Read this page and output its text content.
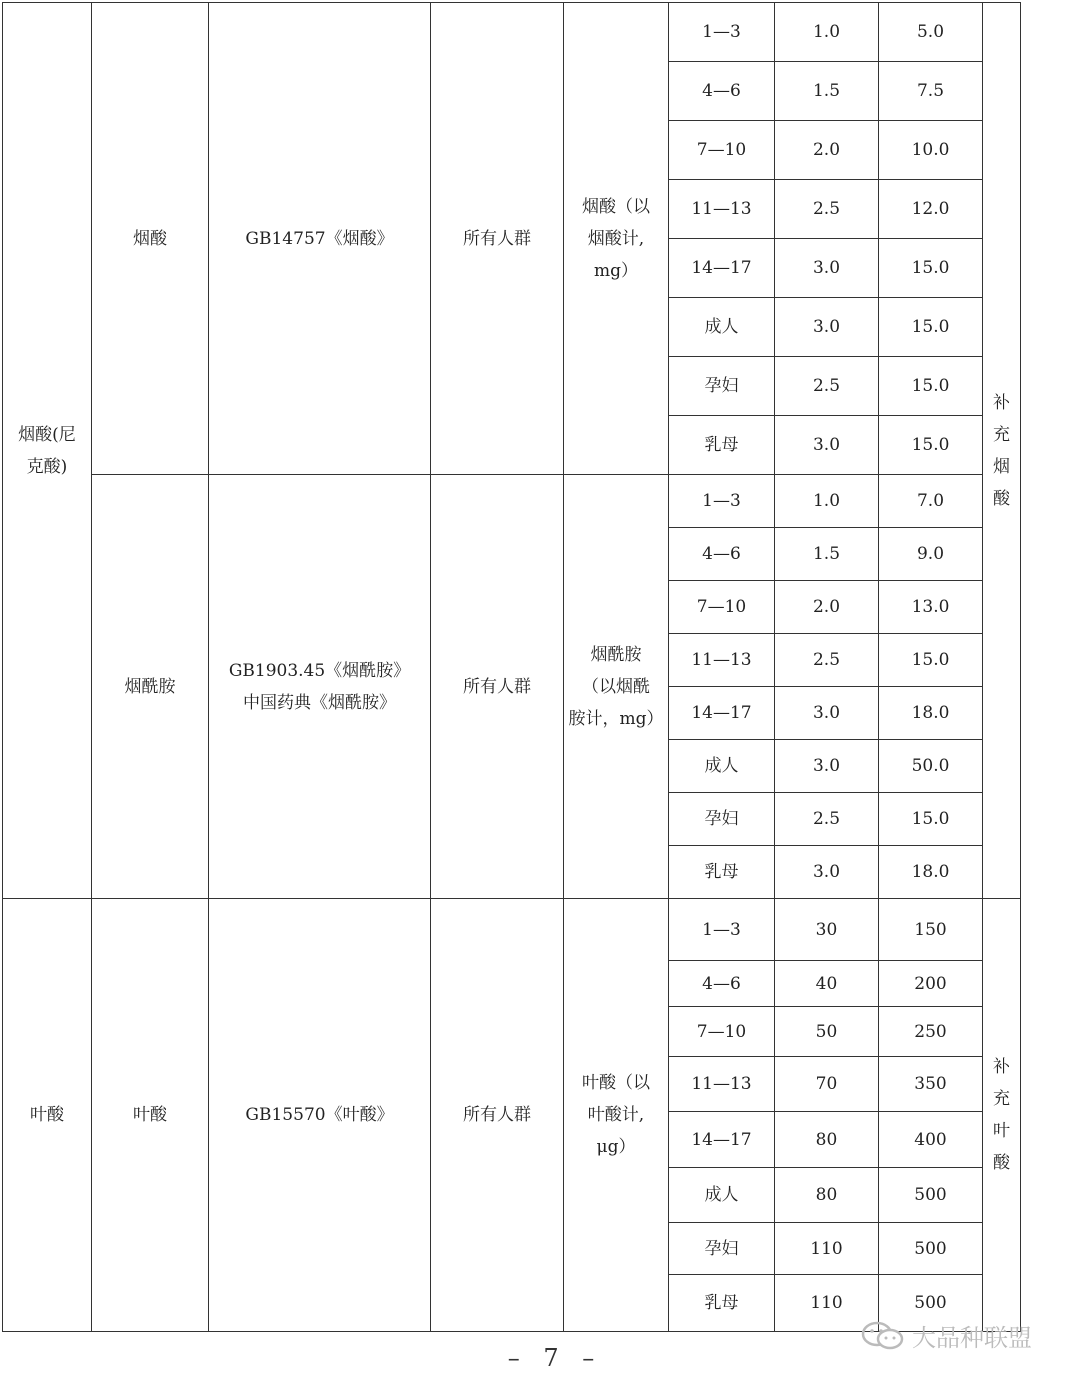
烟酸(尼
克酸)	烟酸	GB14757《烟酸》	所有人群	烟酸（以
烟酸计,
mg）	1—3	1.0	5.0	补充烟
酸
					4—6	1.5	7.5	
					7—10	2.0	10.0	
					11—13	2.5	12.0	
					14—17	3.0	15.0	
					成人	3.0	15.0	
					孕妇	2.5	15.0	
					乳母	3.0	15.0	
	烟酰胺	GB1903.45《烟酰胺》
中国药典《烟酰胺》	所有人群	烟酰胺
（以烟酰
胺计，mg）	1—3	1.0	7.0	
					4—6	1.5	9.0	
					7—10	2.0	13.0	
					11—13	2.5	15.0	
					14—17	3.0	18.0	
					成人	3.0	50.0	
					孕妇	2.5	15.0	
					乳母	3.0	18.0	
叶酸	叶酸	GB15570《叶酸》	所有人群	叶酸（以
叶酸计,
μg）	1—3	30	150	补充叶
酸
					4—6	40	200	
					7—10	50	250	
					11—13	70	350	
					14—17	80	400	
					成人	80	500	
					孕妇	110	500	
					乳母	110	500	
– 7 –
大品种联盟
